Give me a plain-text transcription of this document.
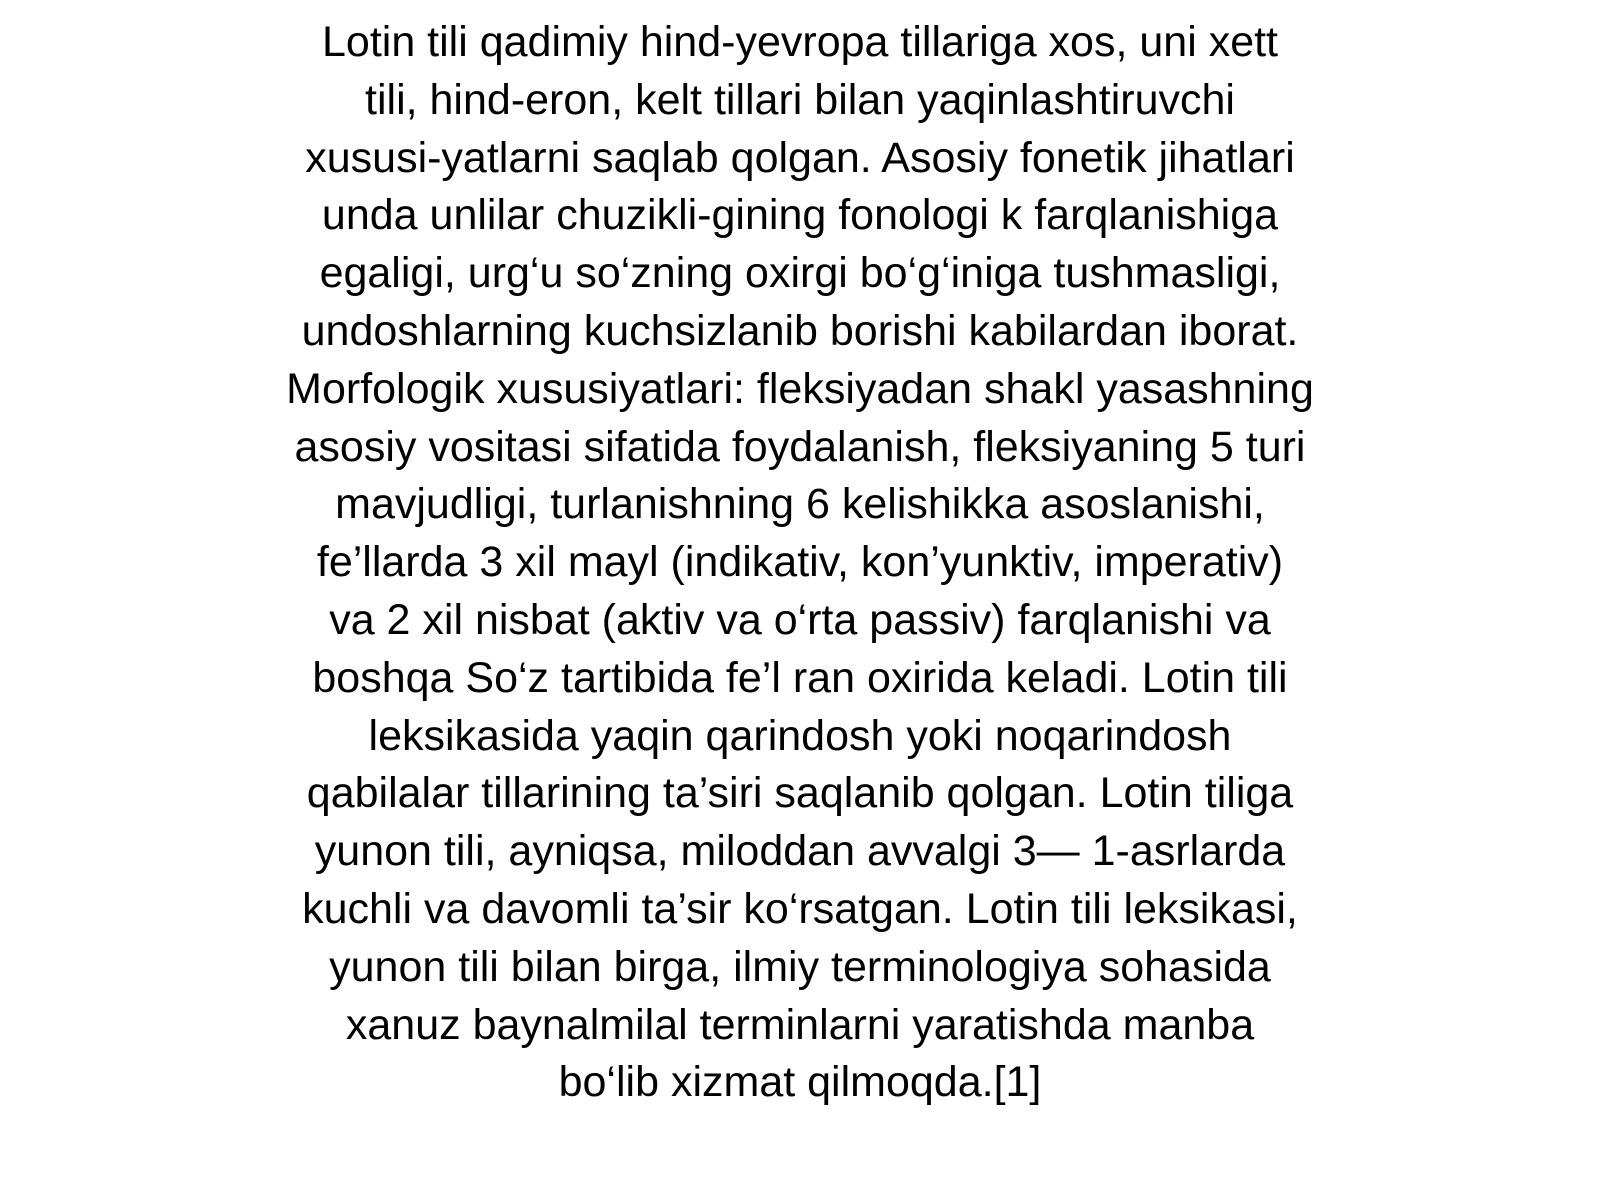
Lotin tili qadimiy hind-yevropa tillariga xos, uni xett
tili, hind-eron, kelt tillari bilan yaqinlashtiruvchi
xususi-yatlarni saqlab qolgan. Asosiy fonetik jihatlari
unda unlilar chuzikli-gining fonologi k farqlanishiga
egaligi, urg‘u so‘zning oxirgi bo‘g‘iniga tushmasligi,
undoshlarning kuchsizlanib borishi kabilardan iborat.
Morfologik xususiyatlari: fleksiyadan shakl yasashning
asosiy vositasi sifatida foydalanish, fleksiyaning 5 turi
mavjudligi, turlanishning 6 kelishikka asoslanishi,
fe’llarda 3 xil mayl (indikativ, kon’yunktiv, imperativ)
va 2 xil nisbat (aktiv va o‘rta passiv) farqlanishi va
boshqa So‘z tartibida fe’l ran oxirida keladi. Lotin tili
leksikasida yaqin qarindosh yoki noqarindosh
qabilalar tillarining ta’siri saqlanib qolgan. Lotin tiliga
yunon tili, ayniqsa, miloddan avvalgi 3— 1-asrlarda
kuchli va davomli ta’sir ko‘rsatgan. Lotin tili leksikasi,
yunon tili bilan birga, ilmiy terminologiya sohasida
xanuz baynalmilal terminlarni yaratishda manba
bo‘lib xizmat qilmoqda.[1]
